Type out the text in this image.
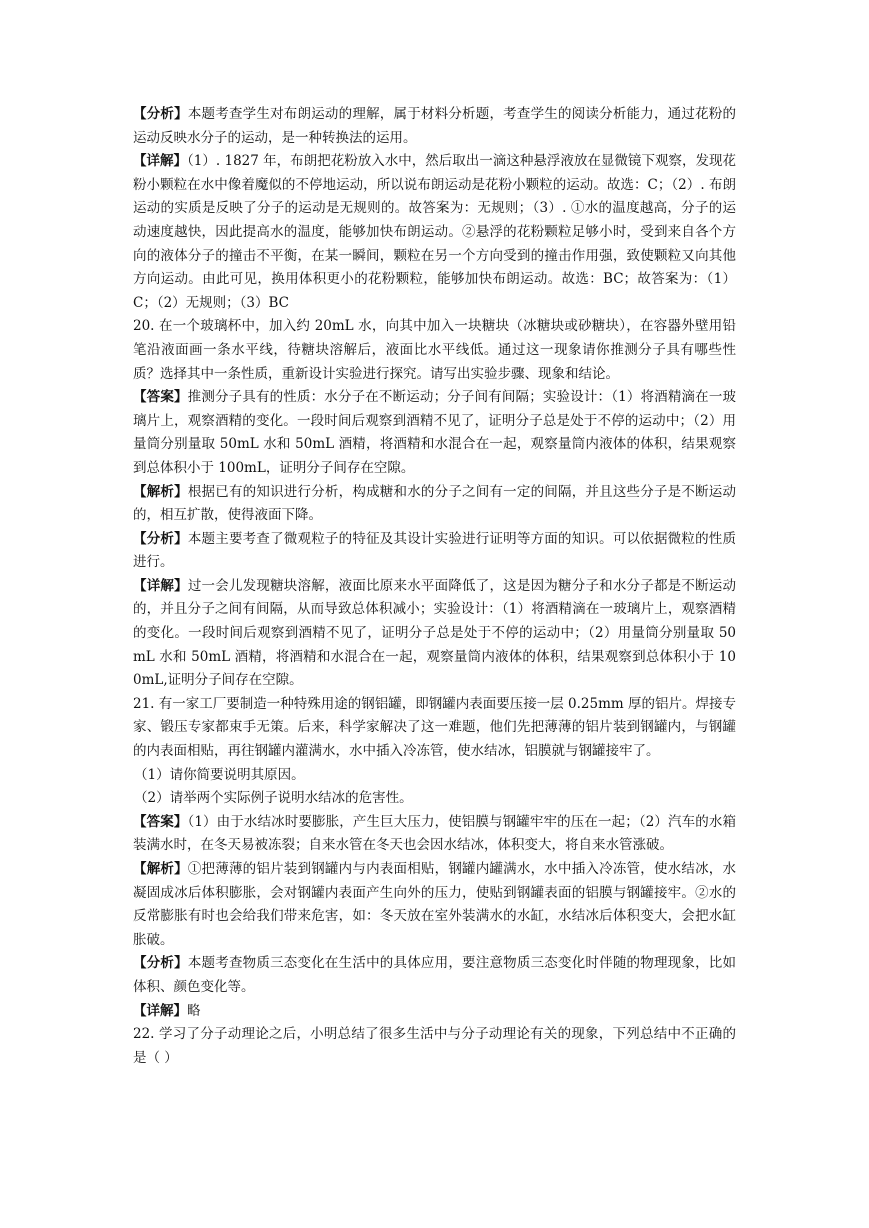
【分析】本题考查学生对布朗运动的理解，属于材料分析题，考查学生的阅读分析能力，通过花粉的运动反映水分子的运动，是一种转换法的运用。

【详解】（1）. 1827 年，布朗把花粉放入水中，然后取出一滴这种悬浮液放在显微镜下观察，发现花粉小颗粒在水中像着魔似的不停地运动，所以说布朗运动是花粉小颗粒的运动。故选：C；（2）. 布朗运动的实质是反映了分子的运动是无规则的。故答案为：无规则；（3）. ①水的温度越高，分子的运动速度越快，因此提高水的温度，能够加快布朗运动。②悬浮的花粉颗粒足够小时，受到来自各个方向的液体分子的撞击不平衡，在某一瞬间，颗粒在另一个方向受到的撞击作用强，致使颗粒又向其他方向运动。由此可见，换用体积更小的花粉颗粒，能够加快布朗运动。故选：BC；故答案为：（1）C；（2）无规则；（3）BC

20. 在一个玻璃杯中，加入约 20mL 水，向其中加入一块糖块（冰糖块或砂糖块），在容器外壁用铅笔沿液面画一条水平线，待糖块溶解后，液面比水平线低。通过这一现象请你推测分子具有哪些性质？选择其中一条性质，重新设计实验进行探究。请写出实验步骤、现象和结论。

【答案】推测分子具有的性质：水分子在不断运动；分子间有间隔；实验设计：（1）将酒精滴在一玻璃片上，观察酒精的变化。一段时间后观察到酒精不见了，证明分子总是处于不停的运动中；（2）用量筒分别量取 50mL 水和 50mL 酒精，将酒精和水混合在一起，观察量筒内液体的体积，结果观察到总体积小于 100mL，证明分子间存在空隙。

【解析】根据已有的知识进行分析，构成糖和水的分子之间有一定的间隔，并且这些分子是不断运动的，相互扩散，使得液面下降。

【分析】本题主要考查了微观粒子的特征及其设计实验进行证明等方面的知识。可以依据微粒的性质进行。

【详解】过一会儿发现糖块溶解，液面比原来水平面降低了，这是因为糖分子和水分子都是不断运动的，并且分子之间有间隔，从而导致总体积减小；实验设计：（1）将酒精滴在一玻璃片上，观察酒精的变化。一段时间后观察到酒精不见了，证明分子总是处于不停的运动中；（2）用量筒分别量取 50mL 水和 50mL 酒精，将酒精和水混合在一起，观察量筒内液体的体积，结果观察到总体积小于 100mL,证明分子间存在空隙。

21. 有一家工厂要制造一种特殊用途的钢铝罐，即钢罐内表面要压接一层 0.25mm 厚的铝片。焊接专家、锻压专家都束手无策。后来，科学家解决了这一难题，他们先把薄薄的铝片装到钢罐内，与钢罐的内表面相贴，再往钢罐内灌满水，水中插入冷冻管，使水结冰，铝膜就与钢罐接牢了。

（1）请你简要说明其原因。

（2）请举两个实际例子说明水结冰的危害性。

【答案】（1）由于水结冰时要膨胀，产生巨大压力，使铝膜与钢罐牢牢的压在一起；（2）汽车的水箱装满水时，在冬天易被冻裂；自来水管在冬天也会因水结冰，体积变大，将自来水管涨破。

【解析】①把薄薄的铝片装到钢罐内与内表面相贴，钢罐内罐满水，水中插入冷冻管，使水结冰，水凝固成冰后体积膨胀，会对钢罐内表面产生向外的压力，使贴到钢罐表面的铝膜与钢罐接牢。②水的反常膨胀有时也会给我们带来危害，如：冬天放在室外装满水的水缸，水结冰后体积变大，会把水缸胀破。

【分析】本题考查物质三态变化在生活中的具体应用，要注意物质三态变化时伴随的物理现象，比如体积、颜色变化等。

【详解】略

22. 学习了分子动理论之后，小明总结了很多生活中与分子动理论有关的现象，下列总结中不正确的是（ ）
